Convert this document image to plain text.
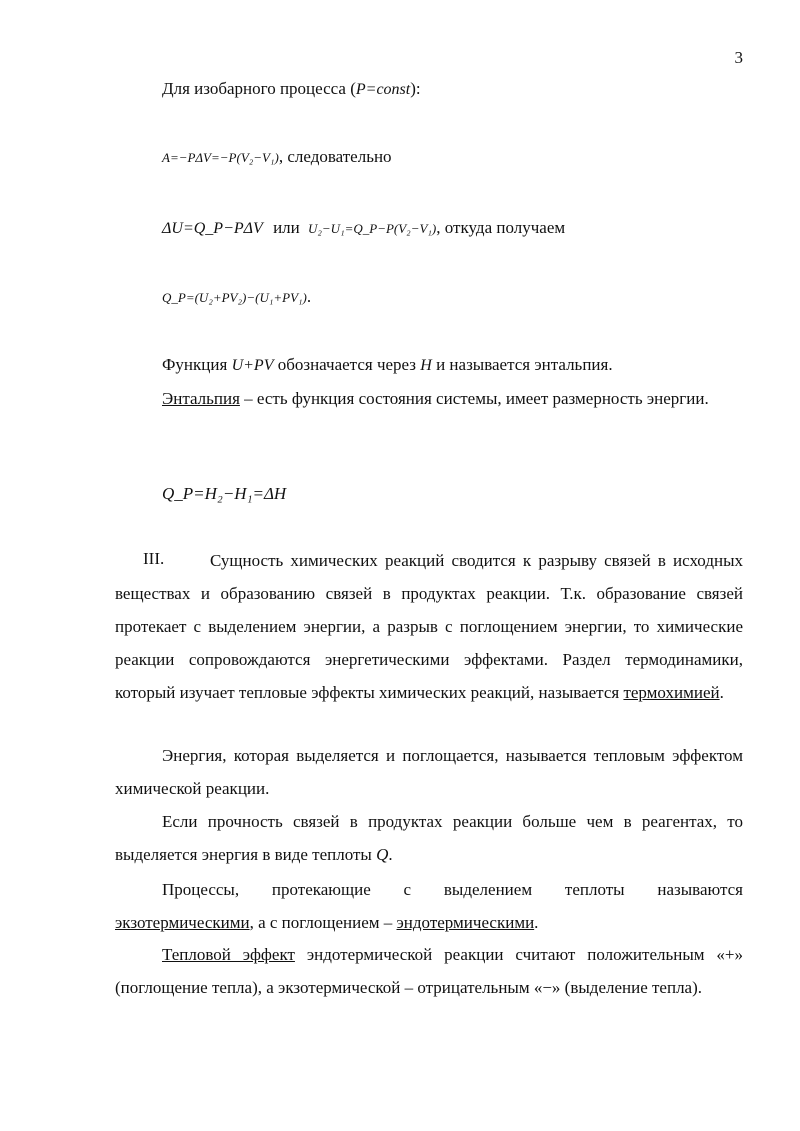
3
Для изобарного процесса (P=const):
A=−PΔV=−P(V₂−V₁), следовательно
ΔU=Q_P−PΔV или U₂−U₁=Q_P−P(V₂−V₁), откуда получаем
Q_P=(U₂+PV₂)−(U₁+PV₁).
Функция U+PV обозначается через H и называется энтальпия.
Энтальпия – есть функция состояния системы, имеет размерность энергии.
Q_P=H₂−H₁=ΔH
III.	Сущность химических реакций сводится к разрыву связей в исходных веществах и образованию связей в продуктах реакции. Т.к. образование связей протекает с выделением энергии, а разрыв с поглощением энергии, то химические реакции сопровождаются энергетическими эффектами. Раздел термодинамики, который изучает тепловые эффекты химических реакций, называется термохимией.
Энергия, которая выделяется и поглощается, называется тепловым эффектом химической реакции.
Если прочность связей в продуктах реакции больше чем в реагентах, то выделяется энергия в виде теплоты Q.
Процессы, протекающие с выделением теплоты называются экзотермическими, а с поглощением – эндотермическими.
Тепловой эффект эндотермической реакции считают положительным «+» (поглощение тепла), а экзотермической – отрицательным «−» (выделение тепла).
